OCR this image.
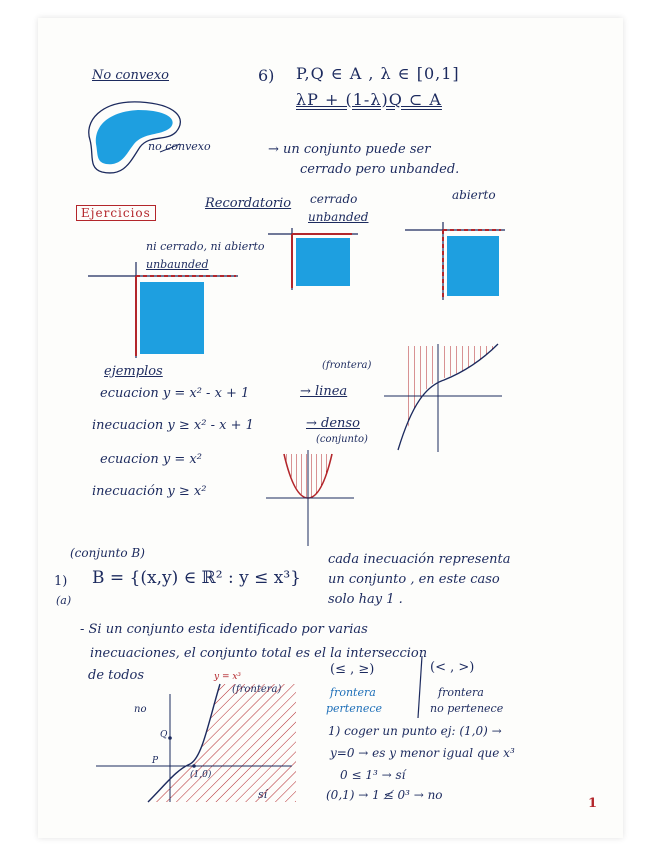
No convexo
no convexo
6) P,Q ∈ A , λ ∈ [0,1]
λP + (1-λ)Q ⊂ A
→ un conjunto puede ser
cerrado pero unbanded.
Ejercicios
Recordatorio cerrado
unbanded
abierto
ni cerrado, ni abierto
unbaunded
ejemplos	(frontera)
ecuacion y = x² - x + 1	→ linea
inecuacion y ≥ x² - x + 1	→ denso
(conjunto)
ecuacion y = x²
inecuación y ≥ x²
(conjunto B)
1)
(a)
B = {(x,y) ∈ ℝ² : y ≤ x³}
cada inecuación representa
un conjunto , en este caso
solo hay 1 .
- Si un conjunto esta identificado por varias
inecuaciones, el conjunto total es el la interseccion
de todos	y = x³
no
(1,0)
Q
P
(≤ , ≥)	(< , >)
frontera
pertenece
frontera
no pertenece
1) coger un punto ej: (1,0) →
y=0 → es y menor igual que x³
0 ≤ 1³ → sí
(0,1) → 1 ≰ 0³ → no
1
